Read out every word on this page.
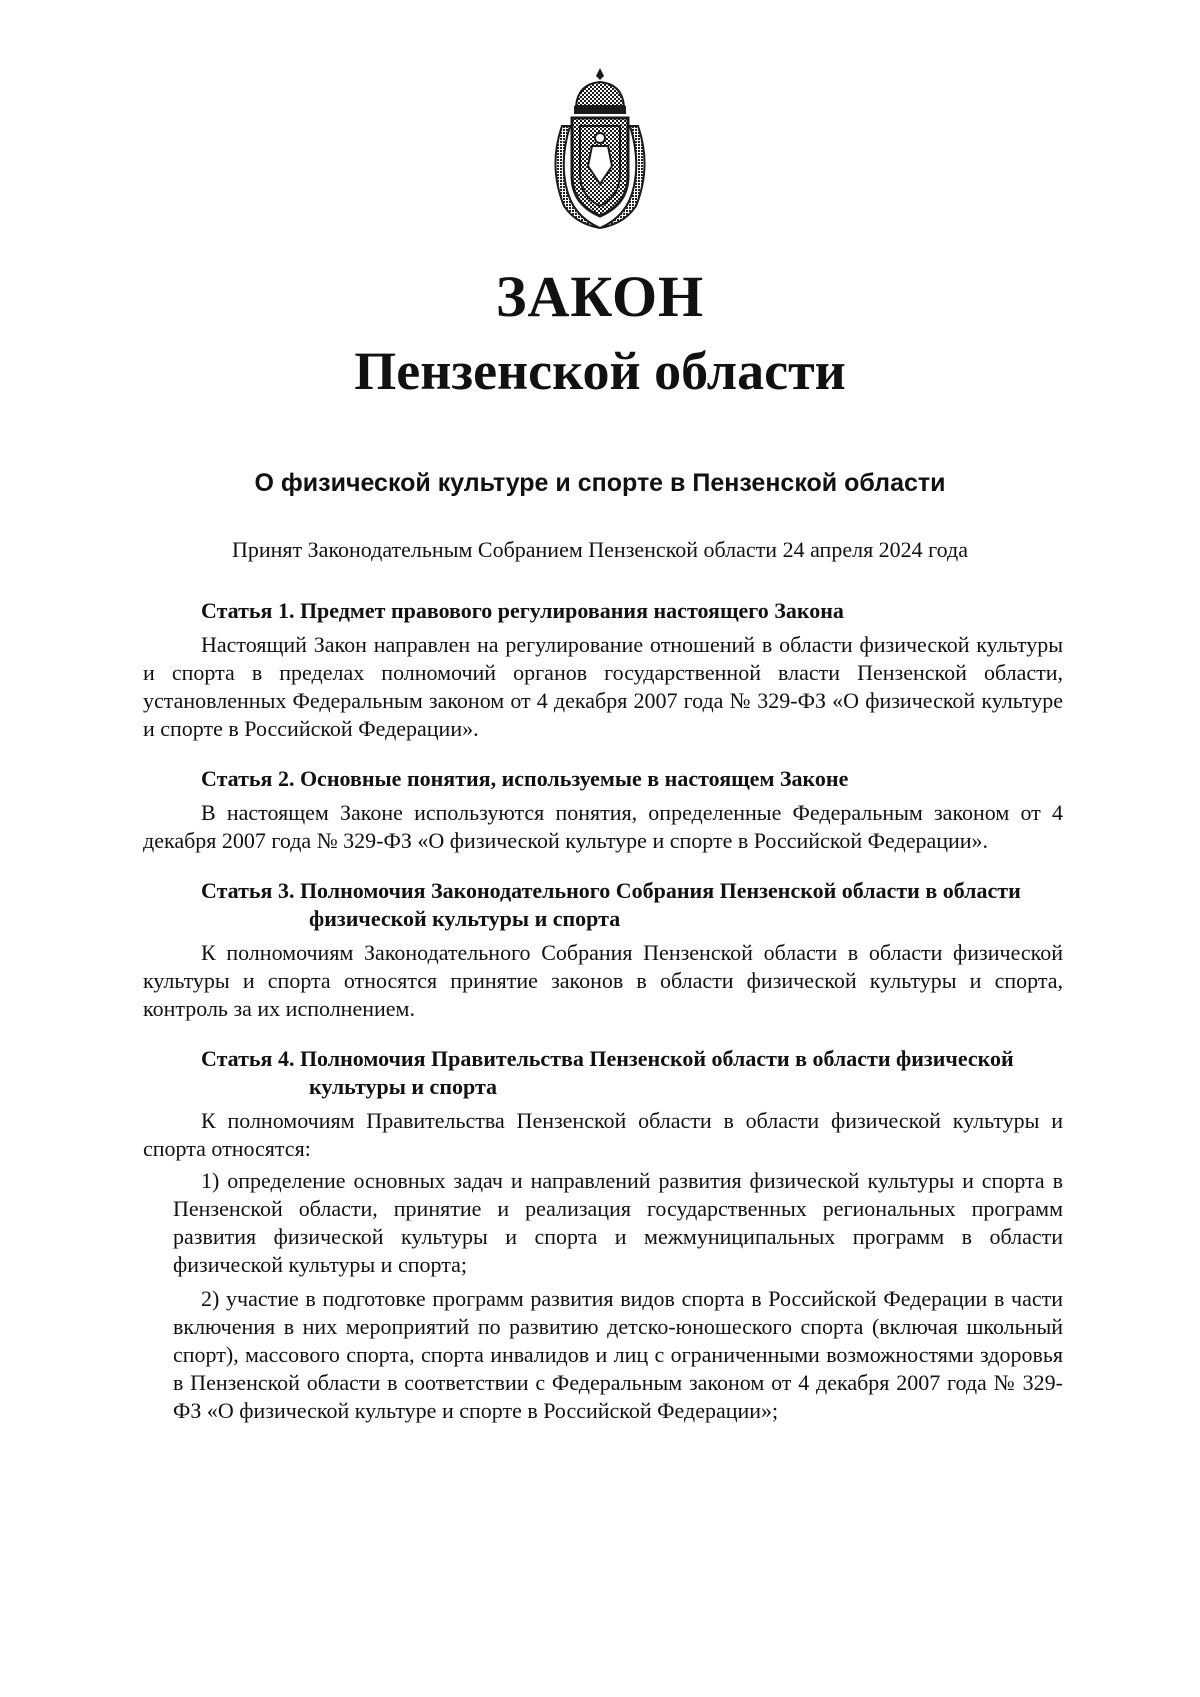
ЗАКОН
Пензенской области
О физической культуре и спорте в Пензенской области
Принят Законодательным Собранием Пензенской области 24 апреля 2024 года

Статья 1. Предмет правового регулирования настоящего Закона

Настоящий Закон направлен на регулирование отношений в области физической культуры и спорта в пределах полномочий органов государственной власти Пензенской области, установленных Федеральным законом от 4 декабря 2007 года № 329-ФЗ «О физической культуре и спорте в Российской Федерации».

Статья 2. Основные понятия, используемые в настоящем Законе

В настоящем Законе используются понятия, определенные Федеральным законом от 4 декабря 2007 года № 329-ФЗ «О физической культуре и спорте в Российской Федерации».

Статья 3. Полномочия Законодательного Собрания Пензенской области в области физической культуры и спорта

К полномочиям Законодательного Собрания Пензенской области в области физической культуры и спорта относятся принятие законов в области физической культуры и спорта, контроль за их исполнением.

Статья 4. Полномочия Правительства Пензенской области в области физической культуры и спорта

К полномочиям Правительства Пензенской области в области физической культуры и спорта относятся:

1) определение основных задач и направлений развития физической культуры и спорта в Пензенской области, принятие и реализация государственных региональных программ развития физической культуры и спорта и межмуниципальных программ в области физической культуры и спорта;

2) участие в подготовке программ развития видов спорта в Российской Федерации в части включения в них мероприятий по развитию детско-юношеского спорта (включая школьный спорт), массового спорта, спорта инвалидов и лиц с ограниченными возможностями здоровья в Пензенской области в соответствии с Федеральным законом от 4 декабря 2007 года № 329-ФЗ «О физической культуре и спорте в Российской Федерации»;
